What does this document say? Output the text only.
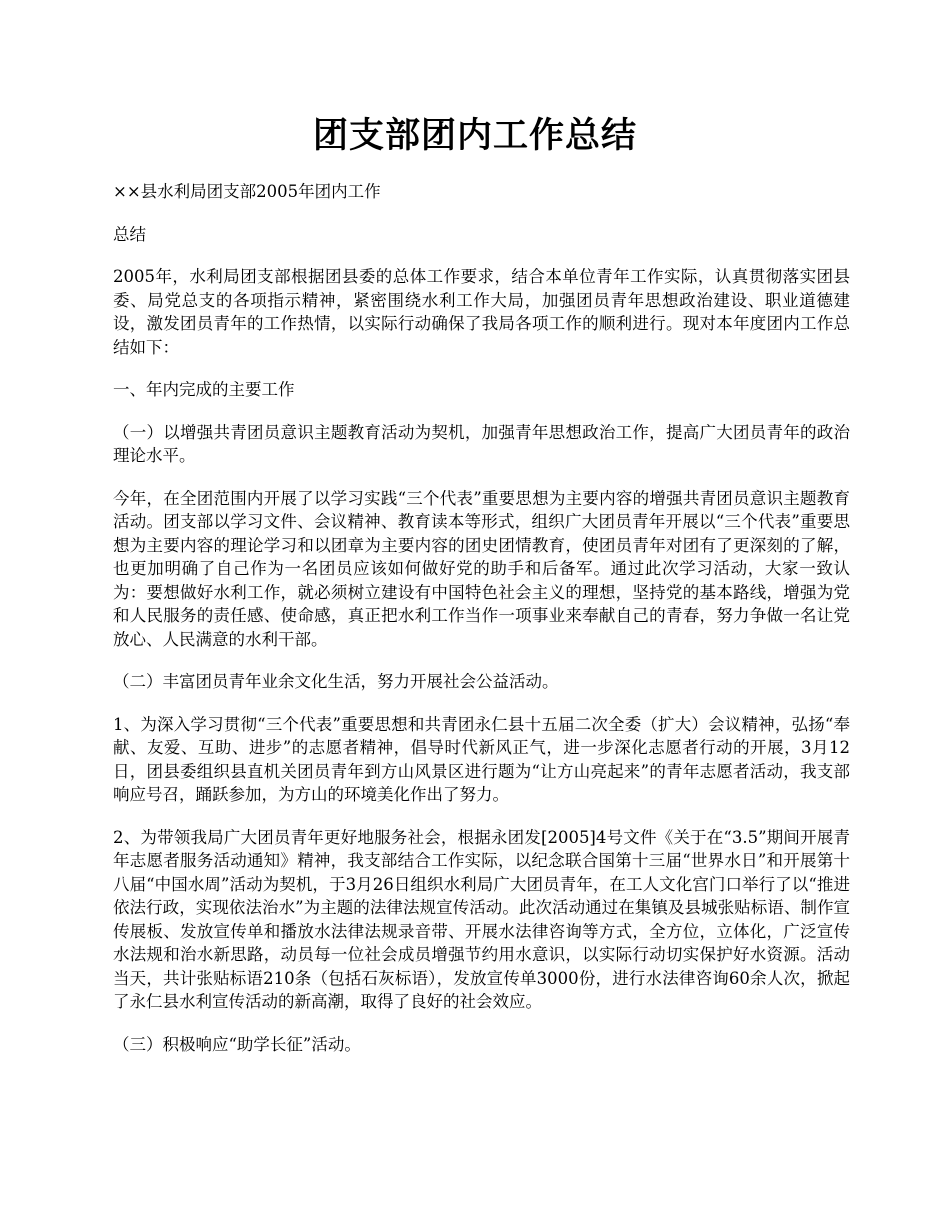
团支部团内工作总结

××县水利局团支部2005年团内工作

总结

2005年，水利局团支部根据团县委的总体工作要求，结合本单位青年工作实际，认真贯彻落实团县委、局党总支的各项指示精神，紧密围绕水利工作大局，加强团员青年思想政治建设、职业道德建设，激发团员青年的工作热情，以实际行动确保了我局各项工作的顺利进行。现对本年度团内工作总结如下：

一、年内完成的主要工作

（一）以增强共青团员意识主题教育活动为契机，加强青年思想政治工作，提高广大团员青年的政治理论水平。

今年，在全团范围内开展了以学习实践“三个代表”重要思想为主要内容的增强共青团员意识主题教育活动。团支部以学习文件、会议精神、教育读本等形式，组织广大团员青年开展以“三个代表”重要思想为主要内容的理论学习和以团章为主要内容的团史团情教育，使团员青年对团有了更深刻的了解，也更加明确了自己作为一名团员应该如何做好党的助手和后备军。通过此次学习活动，大家一致认为：要想做好水利工作，就必须树立建设有中国特色社会主义的理想，坚持党的基本路线，增强为党和人民服务的责任感、使命感，真正把水利工作当作一项事业来奉献自己的青春，努力争做一名让党放心、人民满意的水利干部。

（二）丰富团员青年业余文化生活，努力开展社会公益活动。

1、为深入学习贯彻“三个代表”重要思想和共青团永仁县十五届二次全委（扩大）会议精神，弘扬“奉献、友爱、互助、进步”的志愿者精神，倡导时代新风正气，进一步深化志愿者行动的开展，3月12日，团县委组织县直机关团员青年到方山风景区进行题为“让方山亮起来”的青年志愿者活动，我支部响应号召，踊跃参加，为方山的环境美化作出了努力。

2、为带领我局广大团员青年更好地服务社会，根据永团发[2005]4号文件《关于在“3.5”期间开展青年志愿者服务活动通知》精神，我支部结合工作实际，以纪念联合国第十三届“世界水日”和开展第十八届“中国水周”活动为契机，于3月26日组织水利局广大团员青年，在工人文化宫门口举行了以“推进依法行政，实现依法治水”为主题的法律法规宣传活动。此次活动通过在集镇及县城张贴标语、制作宣传展板、发放宣传单和播放水法律法规录音带、开展水法律咨询等方式，全方位，立体化，广泛宣传水法规和治水新思路，动员每一位社会成员增强节约用水意识，以实际行动切实保护好水资源。活动当天，共计张贴标语210条（包括石灰标语），发放宣传单3000份，进行水法律咨询60余人次，掀起了永仁县水利宣传活动的新高潮，取得了良好的社会效应。

（三）积极响应“助学长征”活动。
